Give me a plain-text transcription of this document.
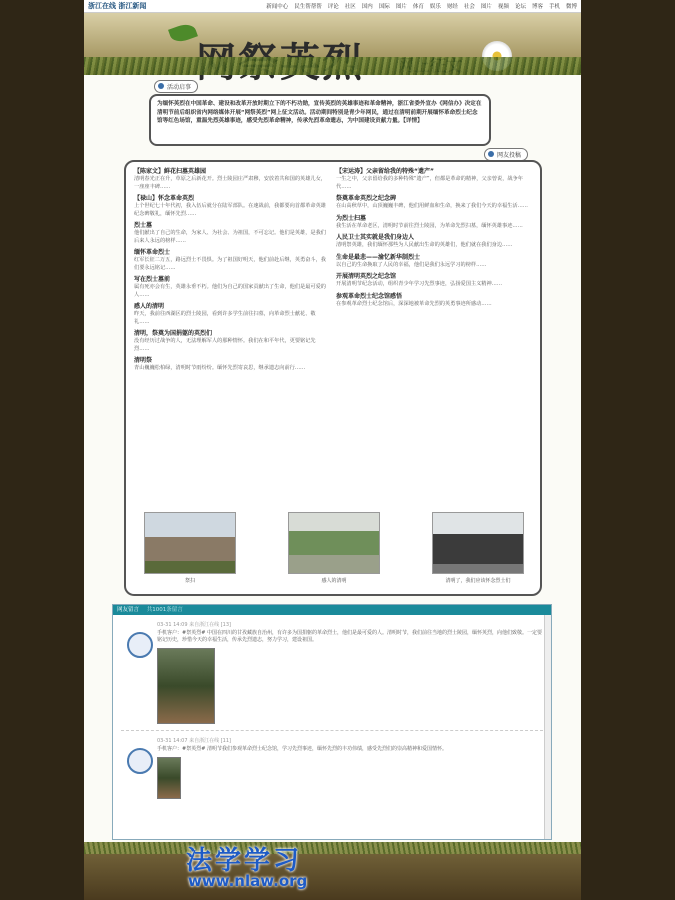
浙江在线 浙江新闻	新闻中心 民生帮帮帮 评论 社区 国内 国际 图片 体育 娱乐 财经 社会 图片 视频 论坛 博客 手机 微博
活动启事
为缅怀英烈在中国革命、建设和改革开放时期立下的不朽功勋，宣传英烈的英雄事迹和革命精神，浙江省委外宣办《网信办》决定在清明节前后组织省内网络媒体开展“网祭英烈”网上征文活动。活动期间特别是青少年网民，通过在清明前期开展缅怀革命烈士纪念馆等红色场馆，重温先烈英雄事迹，感受先烈革命精神，传承先烈革命遗志，为中国建设贡献力量。【详情】
网友投稿
【陈家文】鲜花扫墓英雄园

清明春光正在升，草原之后新花开。烈士陵园庄严肃穆，安放着共和国的英雄儿女，一座座丰碑……

【禄山】怀念革命英烈

上个世纪七十年代初，我入伍后就分在陆军部队。在速战前，我都要向首都革命英雄纪念碑敬礼，缅怀先烈……

烈士墓

他们献出了自己的生命，为家人、为社会、为祖国，不可忘记。他们是英雄，是我们后来人永远的榜样……

缅怀革命烈士

红军长征二万五，路远烈士不畏惧。为了祖国好明天，他们前赴后继，英勇奋斗，我们要永远铭记……

写在烈士墓前

属有死亦会有生，英雄永垂不朽。他们为自己的国家贡献出了生命，他们是最可爱的人……

感人的清明

昨天，我前往西湖区的烈士陵园，看到许多学生前往扫墓，向革命烈士献花、敬礼……

清明，祭奠为国捐躯的英烈们

没有经历过战争的人，无法理解军人的那种情怀。我们在和平年代，更要铭记先烈……

清明祭

青山巍巍松柏绿，清明时节雨纷纷。缅怀先烈寄哀思，继承遗志向前行……

【宋运涛】父亲留给我的特殊“遗产”

一生之中，父亲留给我的多种特殊“遗产”，但都是革命的精神，父亲曾说，战争年代……

祭奠革命英烈之纪念碑

在山高秋草中，山顶巍巍丰碑，他们用鲜血和生命，换来了我们今天的幸福生活……

为烈士扫墓

我生活在革命老区，清明时节前往烈士陵园，为革命先烈扫墓，缅怀英雄事迹……

人民卫士其实就是我们身边人

清明祭英雄，我们缅怀那些为人民献出生命的英雄们，他们就在我们身边……

生命是最悲——渝忆新华制烈士

以自己的生命换取了人民的幸福，他们是我们永远学习的榜样……

开展清明英烈之纪念馆

开展清明节纪念活动，组织青少年学习先烈事迹，弘扬爱国主义精神……

参观革命烈士纪念馆感悟

在参观革命烈士纪念馆后，深深地被革命先烈的英勇事迹所感动……

祭扫	感人的清明	清明了，我们应该怀念烈士们
网友留言 共1001条留言
03-31 14:09 来自浙江在线 [13]
手机客户：#祭英烈# 中国在四川的甘孜藏族自治州，有许多为国捐躯的革命烈士，他们是最可爱的人。清明时节，我们前往当地的烈士陵园，缅怀英烈，向他们致敬。一定要铭记历史，珍惜今天的幸福生活，传承先烈遗志，努力学习，建设祖国。
03-31 14:07 来自浙江在线 [11]
手机客户：#祭英烈# 清明节我们参观革命烈士纪念馆，学习先烈事迹，缅怀先烈的丰功伟绩，感受先烈们的崇高精神和爱国情怀。
法学学习
www.nlaw.org
